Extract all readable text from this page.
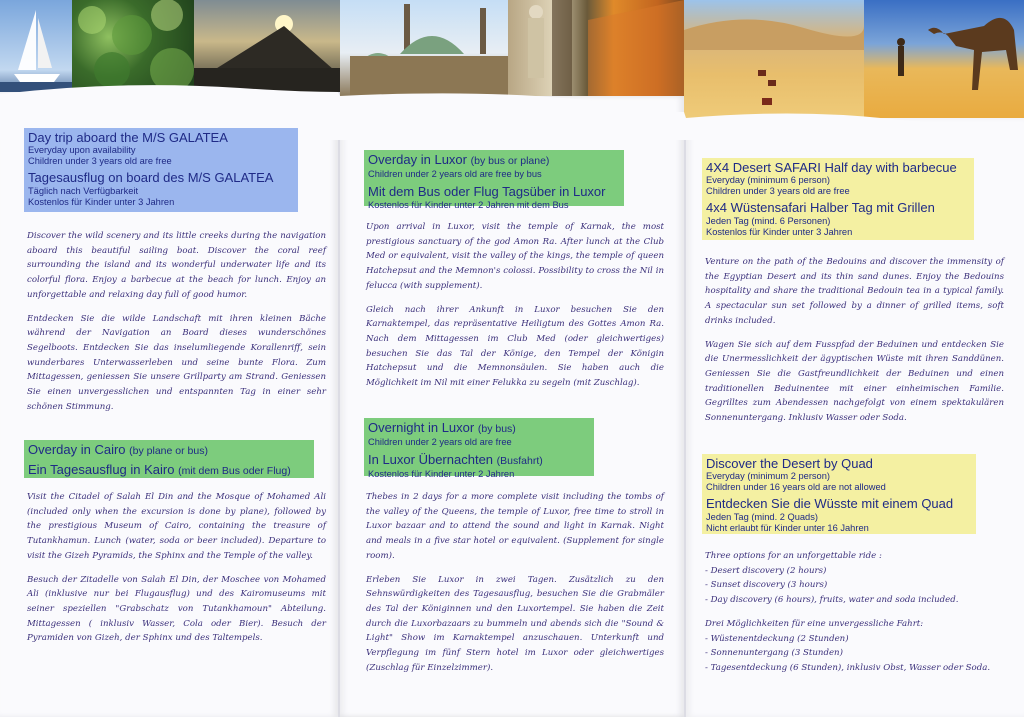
Day trip aboard the M/S GALATEA
Everyday upon availability
Children under 3 years old are free
Tagesausflug on board des M/S GALATEA
Täglich nach Verfügbarkeit
Kostenlos für Kinder unter 3 Jahren

Discover the wild scenery and its little creeks during the navigation aboard this beautiful sailing boat. Discover the coral reef surrounding the island and its wonderful underwater life and its colorful flora. Enjoy a barbecue at the beach for lunch. Enjoy an unforgettable and relaxing day full of good humor.

Entdecken Sie die wilde Landschaft mit ihren kleinen Bäche während der Navigation an Board dieses wunderschönes Segelboots. Entdecken Sie das inselumliegende Korallenriff, sein wunderbares Unterwasserleben und seine bunte Flora. Zum Mittagessen, geniessen Sie unsere Grillparty am Strand. Geniessen Sie einen unvergesslichen und entspannten Tag in einer sehr schönen Stimmung.

Overday in Cairo (by plane or bus)
Ein Tagesausflug in Kairo (mit dem Bus oder Flug)

Visit the Citadel of Salah El Din and the Mosque of Mohamed Ali (included only when the excursion is done by plane), followed by the prestigious Museum of Cairo, containing the treasure of Tutankhamun. Lunch (water, soda or beer included). Departure to visit the Gizeh Pyramids, the Sphinx and the Temple of the valley.

Besuch der Zitadelle von Salah El Din, der Moschee von Mohamed Ali (inklusive nur bei Flugausflug) und des Kairomuseums mit seiner speziellen "Grabschatz von Tutankhamoun" Abteilung. Mittagessen ( inklusiv Wasser, Cola oder Bier). Besuch der Pyramiden von Gizeh, der Sphinx und des Taltempels.

Overday in Luxor (by bus or plane)
Children under 2 years old are free by bus
Mit dem Bus oder Flug Tagsüber in Luxor
Kostenlos für Kinder unter 2 Jahren mit dem Bus

Upon arrival in Luxor, visit the temple of Karnak, the most prestigious sanctuary of the god Amon Ra. After lunch at the Club Med or equivalent, visit the valley of the kings, the temple of queen Hatchepsut and the Memnon's colossi. Possibility to cross the Nil in felucca (with supplement).

Gleich nach ihrer Ankunft in Luxor besuchen Sie den Karnaktempel, das repräsentative Heiligtum des Gottes Amon Ra. Nach dem Mittagessen im Club Med (oder gleichwertiges) besuchen Sie das Tal der Könige, den Tempel der Königin Hatchepsut und die Memnonsäulen. Sie haben auch die Möglichkeit im Nil mit einer Felukka zu segeln (mit Zuschlag).

Overnight in Luxor (by bus)
Children under 2 years old are free
In Luxor Übernachten (Busfahrt)
Kostenlos für Kinder unter 2 Jahren

Thebes in 2 days for a more complete visit including the tombs of the valley of the Queens, the temple of Luxor, free time to stroll in Luxor bazaar and to attend the sound and light in Karnak. Night and meals in a five star hotel or equivalent. (Supplement for single room).

Erleben Sie Luxor in zwei Tagen. Zusätzlich zu den Sehnswürdigkeiten des Tagesausflug, besuchen Sie die Grabmäler des Tal der Königinnen und den Luxortempel. Sie haben die Zeit durch die Luxorbazaars zu bummeln und abends sich die "Sound & Light" Show im Karnaktempel anzuschauen. Unterkunft und Verpflegung im fünf Stern hotel im Luxor oder gleichwertiges (Zuschlag für Einzelzimmer).

4X4 Desert SAFARI Half day with barbecue
Everyday (minimum 6 person)
Children under 3 years old are free
4x4 Wüstensafari Halber Tag mit Grillen
Jeden Tag (mind. 6 Personen)
Kostenlos für Kinder unter 3 Jahren

Venture on the path of the Bedouins and discover the immensity of the Egyptian Desert and its thin sand dunes. Enjoy the Bedouins hospitality and share the traditional Bedouin tea in a typical family. A spectacular sun set followed by a dinner of grilled items, soft drinks included.

Wagen Sie sich auf dem Fusspfad der Beduinen und entdecken Sie die Unermesslichkeit der ägyptischen Wüste mit ihren Sanddünen. Geniessen Sie die Gastfreundlichkeit der Beduinen und einen traditionellen Beduinentee mit einer einheimischen Familie. Gegrilltes zum Abendessen nachgefolgt von einem spektakulären Sonnenuntergang. Inklusiv Wasser oder Soda.

Discover the Desert by Quad
Everyday (minimum 2 person)
Children under 16 years old are not allowed
Entdecken Sie die Wüsste mit einem Quad
Jeden Tag (mind. 2 Quads)
Nicht erlaubt für Kinder unter 16 Jahren

Three options for an unforgettable ride :
- Desert discovery (2 hours)
- Sunset discovery (3 hours)
- Day discovery (6 hours), fruits, water and soda included.

Drei Möglichkeiten für eine unvergessliche Fahrt:
- Wüstenentdeckung (2 Stunden)
- Sonnenuntergang (3 Stunden)
- Tagesentdeckung (6 Stunden), inklusiv Obst, Wasser oder Soda.
